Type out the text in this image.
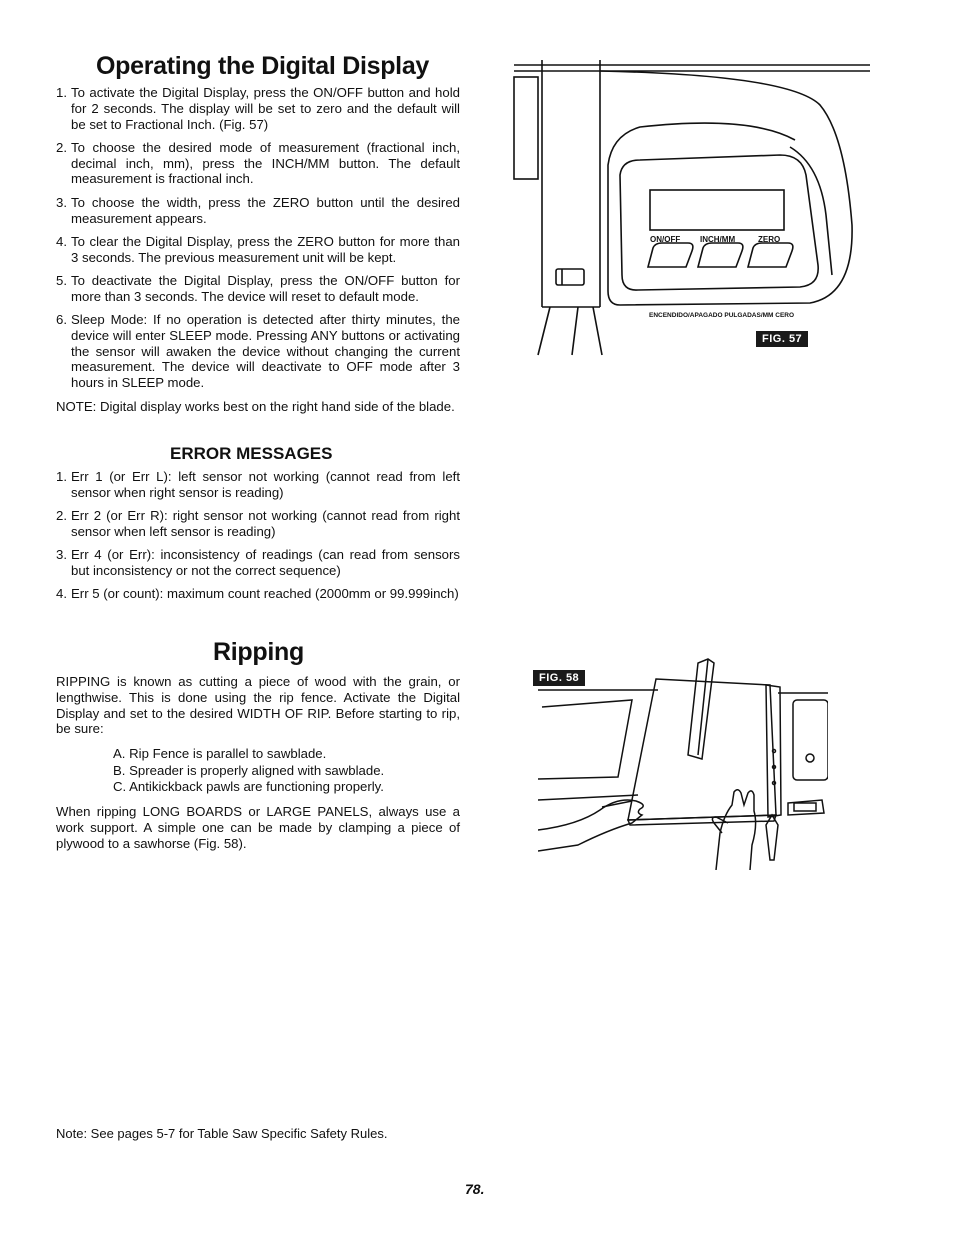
Operating the Digital Display
1. To activate the Digital Display, press the ON/OFF button and hold for 2 seconds. The display will be set to zero and the default will be set to Fractional Inch. (Fig. 57)
2. To choose the desired mode of measurement (fractional inch, decimal inch, mm), press the INCH/MM button. The default measurement is fractional inch.
3. To choose the width, press the ZERO button until the desired measurement appears.
4. To clear the Digital Display, press the ZERO button for more than 3 seconds. The previous measurement unit will be kept.
5. To deactivate the Digital Display, press the ON/OFF button for more than 3 seconds. The device will reset to default mode.
6. Sleep Mode: If no operation is detected after thirty minutes, the device will enter SLEEP mode. Pressing ANY buttons or activating the sensor will awaken the device without changing the current measurement. The device will deactivate to OFF mode after 3 hours in SLEEP mode.

NOTE: Digital display works best on the right hand side of the blade.

ERROR MESSAGES
1. Err 1 (or Err L): left sensor not working (cannot read from left sensor when right sensor is reading)
2. Err 2 (or Err R): right sensor not working (cannot read from right sensor when left sensor is reading)
3. Err 4 (or Err): inconsistency of readings (can read from sensors but inconsistency or not the correct sequence)
4. Err 5 (or count): maximum count reached (2000mm or 99.999inch)
Ripping

RIPPING is known as cutting a piece of wood with the grain, or lengthwise. This is done using the rip fence. Activate the Digital Display and set to the desired WIDTH OF RIP. Before starting to rip, be sure:

A. Rip Fence is parallel to sawblade.
B. Spreader is properly aligned with sawblade.
C. Antikickback pawls are functioning properly.

When ripping LONG BOARDS or LARGE PANELS, always use a work support. A simple one can be made by clamping a piece of plywood to a sawhorse (Fig. 58).

ON/OFF INCH/MM	ZERO
ENCENDIDO/APAGADO PULGADAS/MM CERO
FIG. 57
FIG. 58
Note: See pages 5-7 for Table Saw Specific Safety Rules.
78.
